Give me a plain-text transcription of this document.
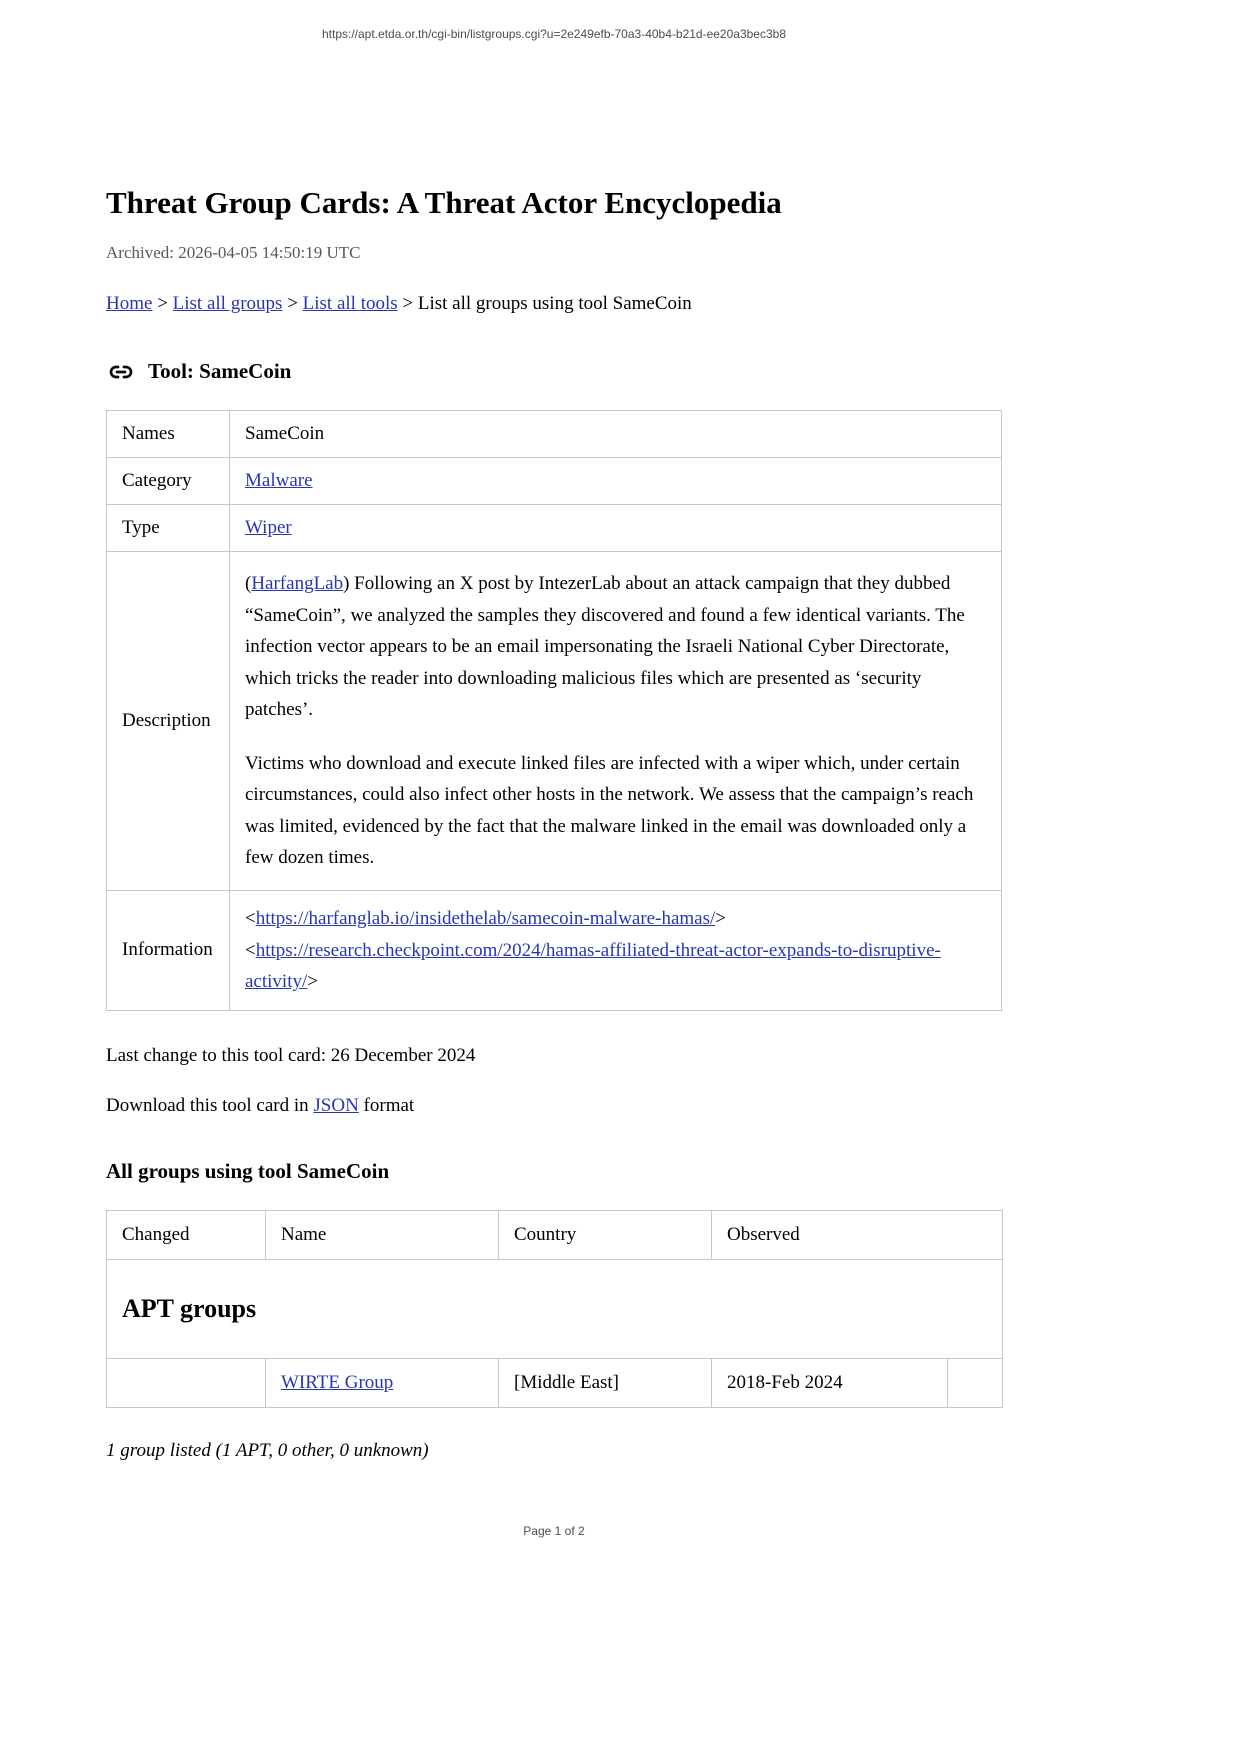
https://apt.etda.or.th/cgi-bin/listgroups.cgi?u=2e249efb-70a3-40b4-b21d-ee20a3bec3b8
Threat Group Cards: A Threat Actor Encyclopedia
Archived: 2026-04-05 14:50:19 UTC
Home > List all groups > List all tools > List all groups using tool SameCoin
Tool: SameCoin
Names	SameCoin
Category	Malware
Type	Wiper
Description	(HarfangLab) Following an X post by IntezerLab about an attack campaign that they dubbed “SameCoin”, we analyzed the samples they discovered and found a few identical variants. The infection vector appears to be an email impersonating the Israeli National Cyber Directorate, which tricks the reader into downloading malicious files which are presented as ‘security patches’.

Victims who download and execute linked files are infected with a wiper which, under certain circumstances, could also infect other hosts in the network. We assess that the campaign’s reach was limited, evidenced by the fact that the malware linked in the email was downloaded only a few dozen times.

Information	<https://harfanglab.io/insidethelab/samecoin-malware-hamas/>
<https://research.checkpoint.com/2024/hamas-affiliated-threat-actor-expands-to-disruptive-activity/>

Last change to this tool card: 26 December 2024

Download this tool card in JSON format

All groups using tool SameCoin
Changed	Name	Country	Observed	
APT groups				
	WIRTE Group	[Middle East]	2018-Feb 2024	

1 group listed (1 APT, 0 other, 0 unknown)

Page 1 of 2
